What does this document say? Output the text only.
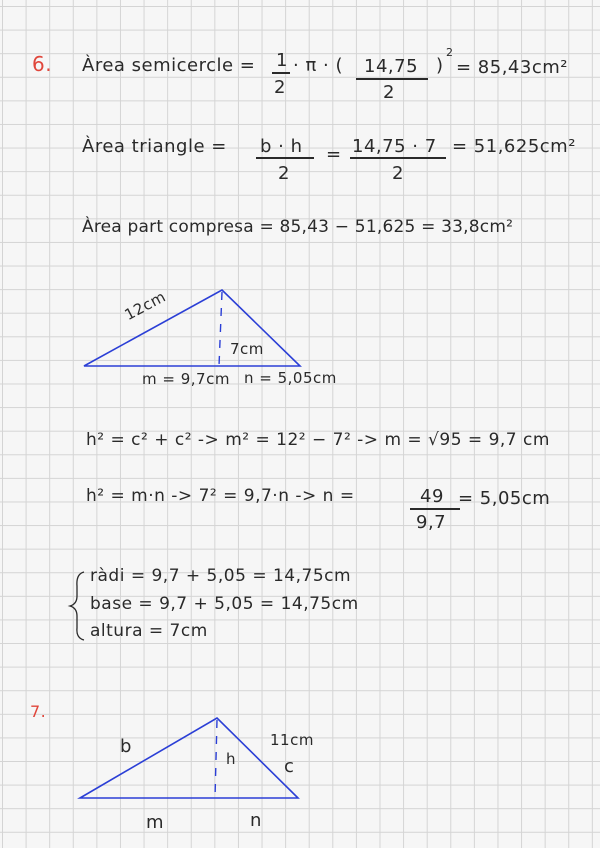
6. Àrea semicercle = 1
2
· π · ( 14,75
2
)
2
= 85,43cm²
Àrea triangle = b · h
2
= 14,75 · 7
2
= 51,625cm²
Àrea part compresa = 85,43 − 51,625 = 33,8cm²
12cm
7cm
m = 9,7cm n = 5,05cm
h² = c² + c² -> m² = 12² − 7² -> m = √95 = 9,7 cm
h² = m·n -> 7² = 9,7·n -> n =	49
9,7
= 5,05cm
ràdi = 9,7 + 5,05 = 14,75cm
base = 9,7 + 5,05 = 14,75cm
altura = 7cm
7.
b
h
11cm
c
m	n
